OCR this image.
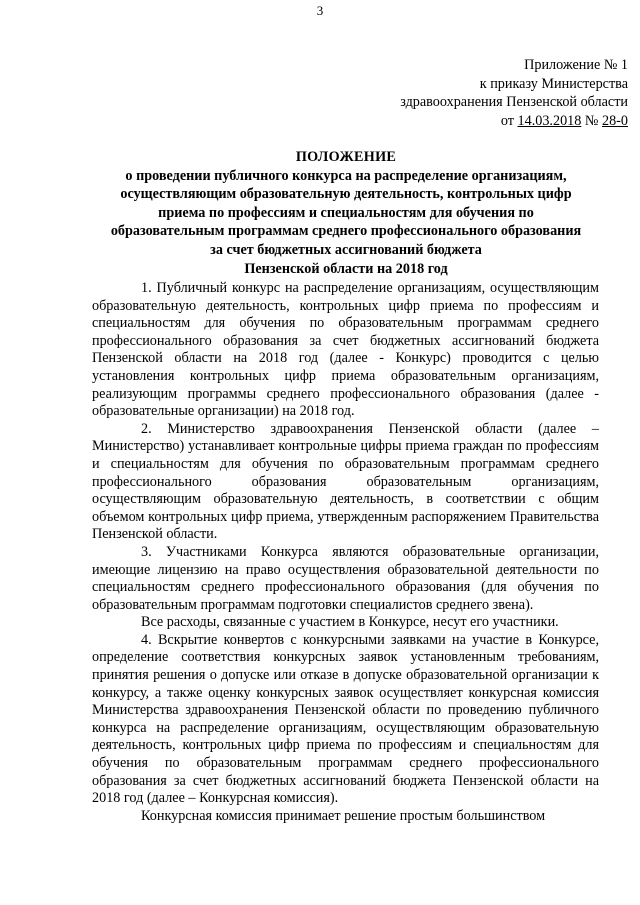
3
Приложение № 1
к приказу Министерства
здравоохранения Пензенской области
от 14.03.2018 № 28-0
ПОЛОЖЕНИЕ
о проведении публичного конкурса на распределение организациям,
осуществляющим образовательную деятельность, контрольных цифр
приема по профессиям и специальностям для обучения по
образовательным программам среднего профессионального образования
за счет бюджетных ассигнований бюджета
Пензенской области на 2018 год

1. Публичный конкурс на распределение организациям, осуществляющим образовательную деятельность, контрольных цифр приема по профессиям и специальностям для обучения по образовательным программам среднего профессионального образования за счет бюджетных ассигнований бюджета Пензенской области на 2018 год (далее - Конкурс) проводится с целью установления контрольных цифр приема образовательным организациям, реализующим программы среднего профессионального образования (далее - образовательные организации) на 2018 год.

2. Министерство здравоохранения Пензенской области (далее – Министерство) устанавливает контрольные цифры приема граждан по профессиям и специальностям для обучения по образовательным программам среднего профессионального образования образовательным организациям, осуществляющим образовательную деятельность, в соответствии с общим объемом контрольных цифр приема, утвержденным распоряжением Правительства Пензенской области.

3. Участниками Конкурса являются образовательные организации, имеющие лицензию на право осуществления образовательной деятельности по специальностям среднего профессионального образования (для обучения по образовательным программам подготовки специалистов среднего звена).

Все расходы, связанные с участием в Конкурсе, несут его участники.

4. Вскрытие конвертов с конкурсными заявками на участие в Конкурсе, определение соответствия конкурсных заявок установленным требованиям, принятия решения о допуске или отказе в допуске образовательной организации к конкурсу, а также оценку конкурсных заявок осуществляет конкурсная комиссия Министерства здравоохранения Пензенской области по проведению публичного конкурса на распределение организациям, осуществляющим образовательную деятельность, контрольных цифр приема по профессиям и специальностям для обучения по образовательным программам среднего профессионального образования за счет бюджетных ассигнований бюджета Пензенской области на 2018 год (далее – Конкурсная комиссия).

Конкурсная комиссия принимает решение простым большинством
